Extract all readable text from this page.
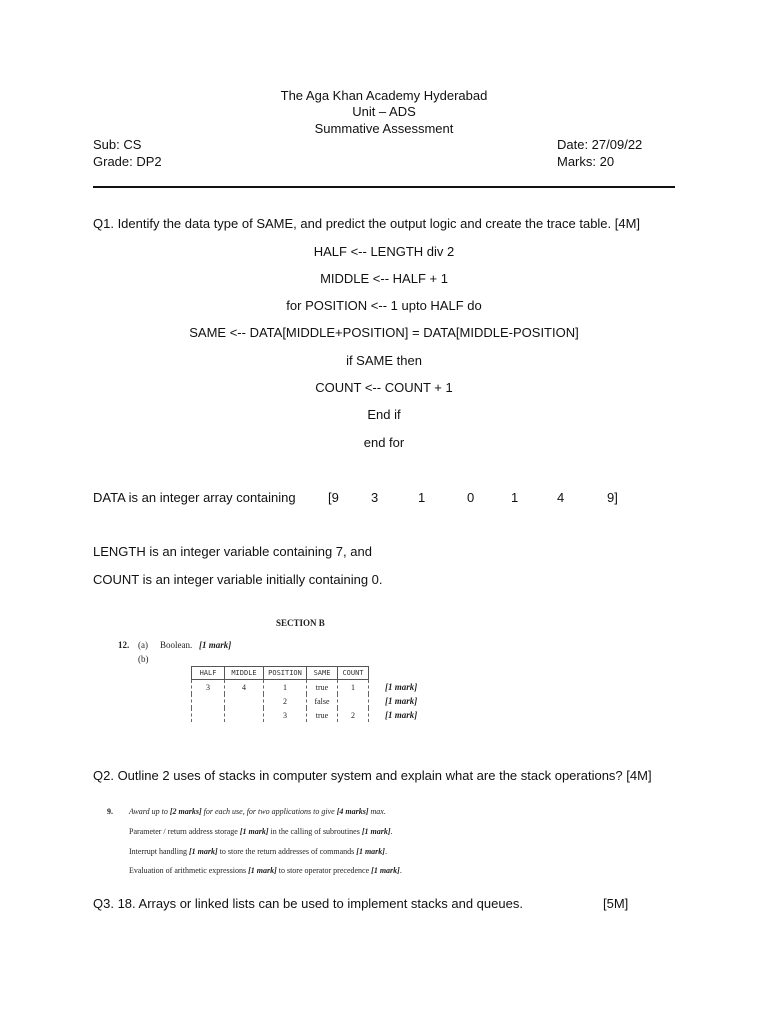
The Aga Khan Academy Hyderabad
Unit – ADS
Summative Assessment
Sub: CS
Grade: DP2
Date: 27/09/22
Marks: 20
Q1. Identify the data type of SAME, and predict the output logic and create the trace table. [4M]
HALF <-- LENGTH div 2
MIDDLE <-- HALF + 1
for POSITION <-- 1 upto HALF do
SAME <-- DATA[MIDDLE+POSITION] = DATA[MIDDLE-POSITION]
if SAME then
COUNT <-- COUNT + 1
End if
end for
DATA is an integer array containing [9 3	1	0	1	4	9]
LENGTH is an integer variable containing 7, and
COUNT is an integer variable initially containing 0.
SECTION B
12. (a) Boolean. [1 mark]
(b)
HALF	MIDDLE	POSITION	SAME	COUNT
3	4	1	true	1
		2	false	
		3	true	2
[1 mark]
[1 mark]
[1 mark]
Q2. Outline 2 uses of stacks in computer system and explain what are the stack operations? [4M]
9. Award up to [2 marks] for each use, for two applications to give [4 marks] max.
Parameter / return address storage [1 mark] in the calling of subroutines [1 mark].
Interrupt handling [1 mark] to store the return addresses of commands [1 mark].
Evaluation of arithmetic expressions [1 mark] to store operator precedence [1 mark].
Q3. 18. Arrays or linked lists can be used to implement stacks and queues.	[5M]
